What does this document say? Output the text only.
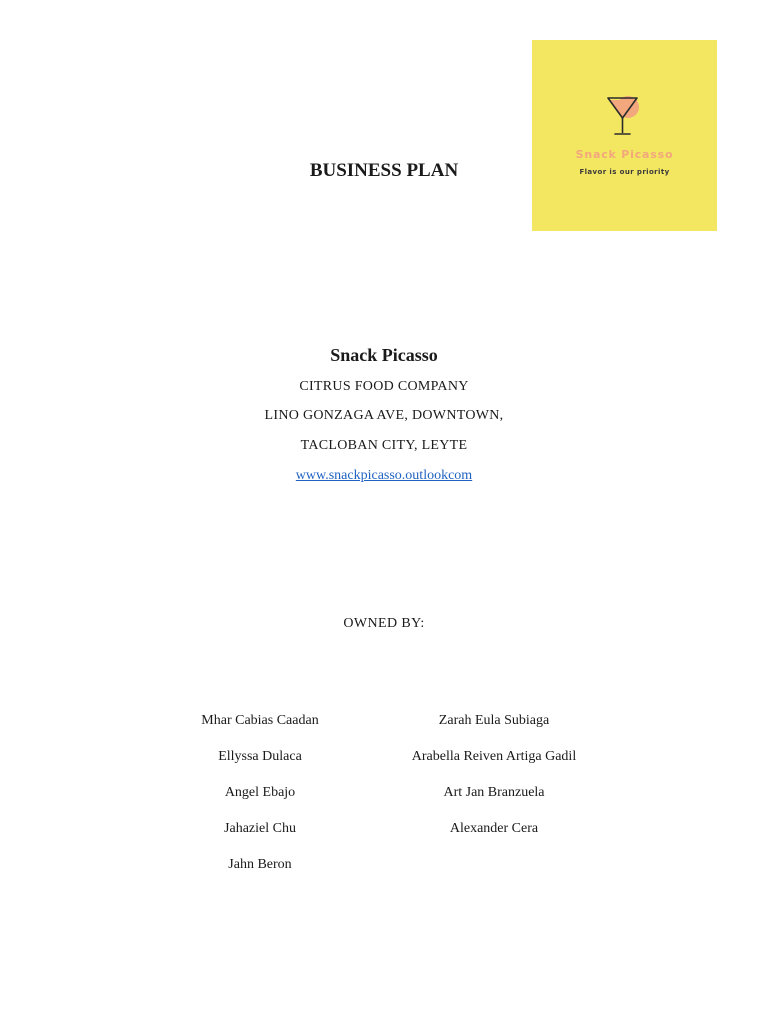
Snack Picasso
Flavor is our priority
BUSINESS PLAN
Snack Picasso
CITRUS FOOD COMPANY
LINO GONZAGA AVE, DOWNTOWN,
TACLOBAN CITY, LEYTE
www.snackpicasso.outlookcom
OWNED BY:
Mhar Cabias Caadan
Ellyssa Dulaca
Angel Ebajo
Jahaziel Chu
Jahn Beron
Zarah Eula Subiaga
Arabella Reiven Artiga Gadil
Art Jan Branzuela
Alexander Cera
